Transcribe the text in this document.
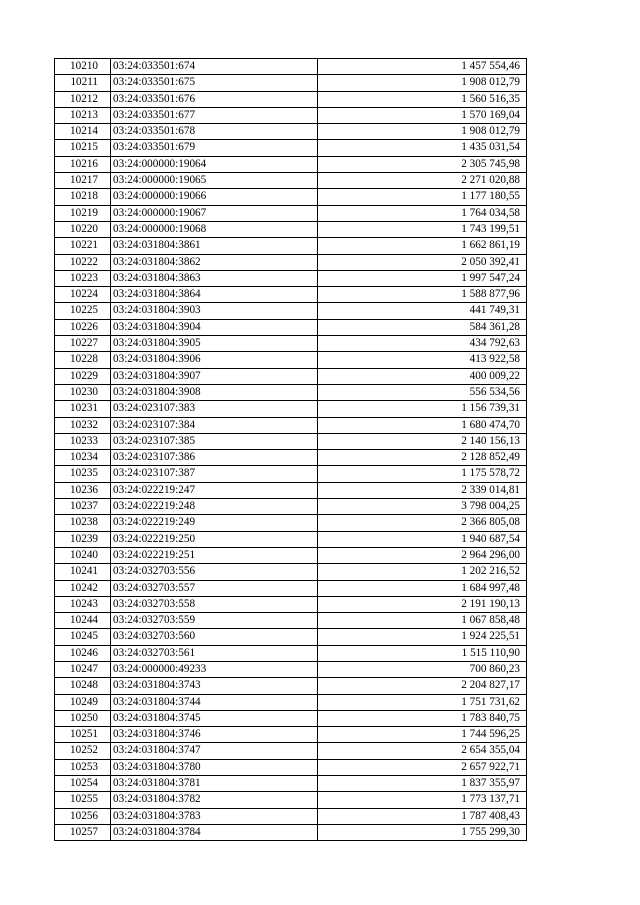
10210	03:24:033501:674	1 457 554,46
10211	03:24:033501:675	1 908 012,79
10212	03:24:033501:676	1 560 516,35
10213	03:24:033501:677	1 570 169,04
10214	03:24:033501:678	1 908 012,79
10215	03:24:033501:679	1 435 031,54
10216	03:24:000000:19064	2 305 745,98
10217	03:24:000000:19065	2 271 020,88
10218	03:24:000000:19066	1 177 180,55
10219	03:24:000000:19067	1 764 034,58
10220	03:24:000000:19068	1 743 199,51
10221	03:24:031804:3861	1 662 861,19
10222	03:24:031804:3862	2 050 392,41
10223	03:24:031804:3863	1 997 547,24
10224	03:24:031804:3864	1 588 877,96
10225	03:24:031804:3903	441 749,31
10226	03:24:031804:3904	584 361,28
10227	03:24:031804:3905	434 792,63
10228	03:24:031804:3906	413 922,58
10229	03:24:031804:3907	400 009,22
10230	03:24:031804:3908	556 534,56
10231	03:24:023107:383	1 156 739,31
10232	03:24:023107:384	1 680 474,70
10233	03:24:023107:385	2 140 156,13
10234	03:24:023107:386	2 128 852,49
10235	03:24:023107:387	1 175 578,72
10236	03:24:022219:247	2 339 014,81
10237	03:24:022219:248	3 798 004,25
10238	03:24:022219:249	2 366 805,08
10239	03:24:022219:250	1 940 687,54
10240	03:24:022219:251	2 964 296,00
10241	03:24:032703:556	1 202 216,52
10242	03:24:032703:557	1 684 997,48
10243	03:24:032703:558	2 191 190,13
10244	03:24:032703:559	1 067 858,48
10245	03:24:032703:560	1 924 225,51
10246	03:24:032703:561	1 515 110,90
10247	03:24:000000:49233	700 860,23
10248	03:24:031804:3743	2 204 827,17
10249	03:24:031804:3744	1 751 731,62
10250	03:24:031804:3745	1 783 840,75
10251	03:24:031804:3746	1 744 596,25
10252	03:24:031804:3747	2 654 355,04
10253	03:24:031804:3780	2 657 922,71
10254	03:24:031804:3781	1 837 355,97
10255	03:24:031804:3782	1 773 137,71
10256	03:24:031804:3783	1 787 408,43
10257	03:24:031804:3784	1 755 299,30
